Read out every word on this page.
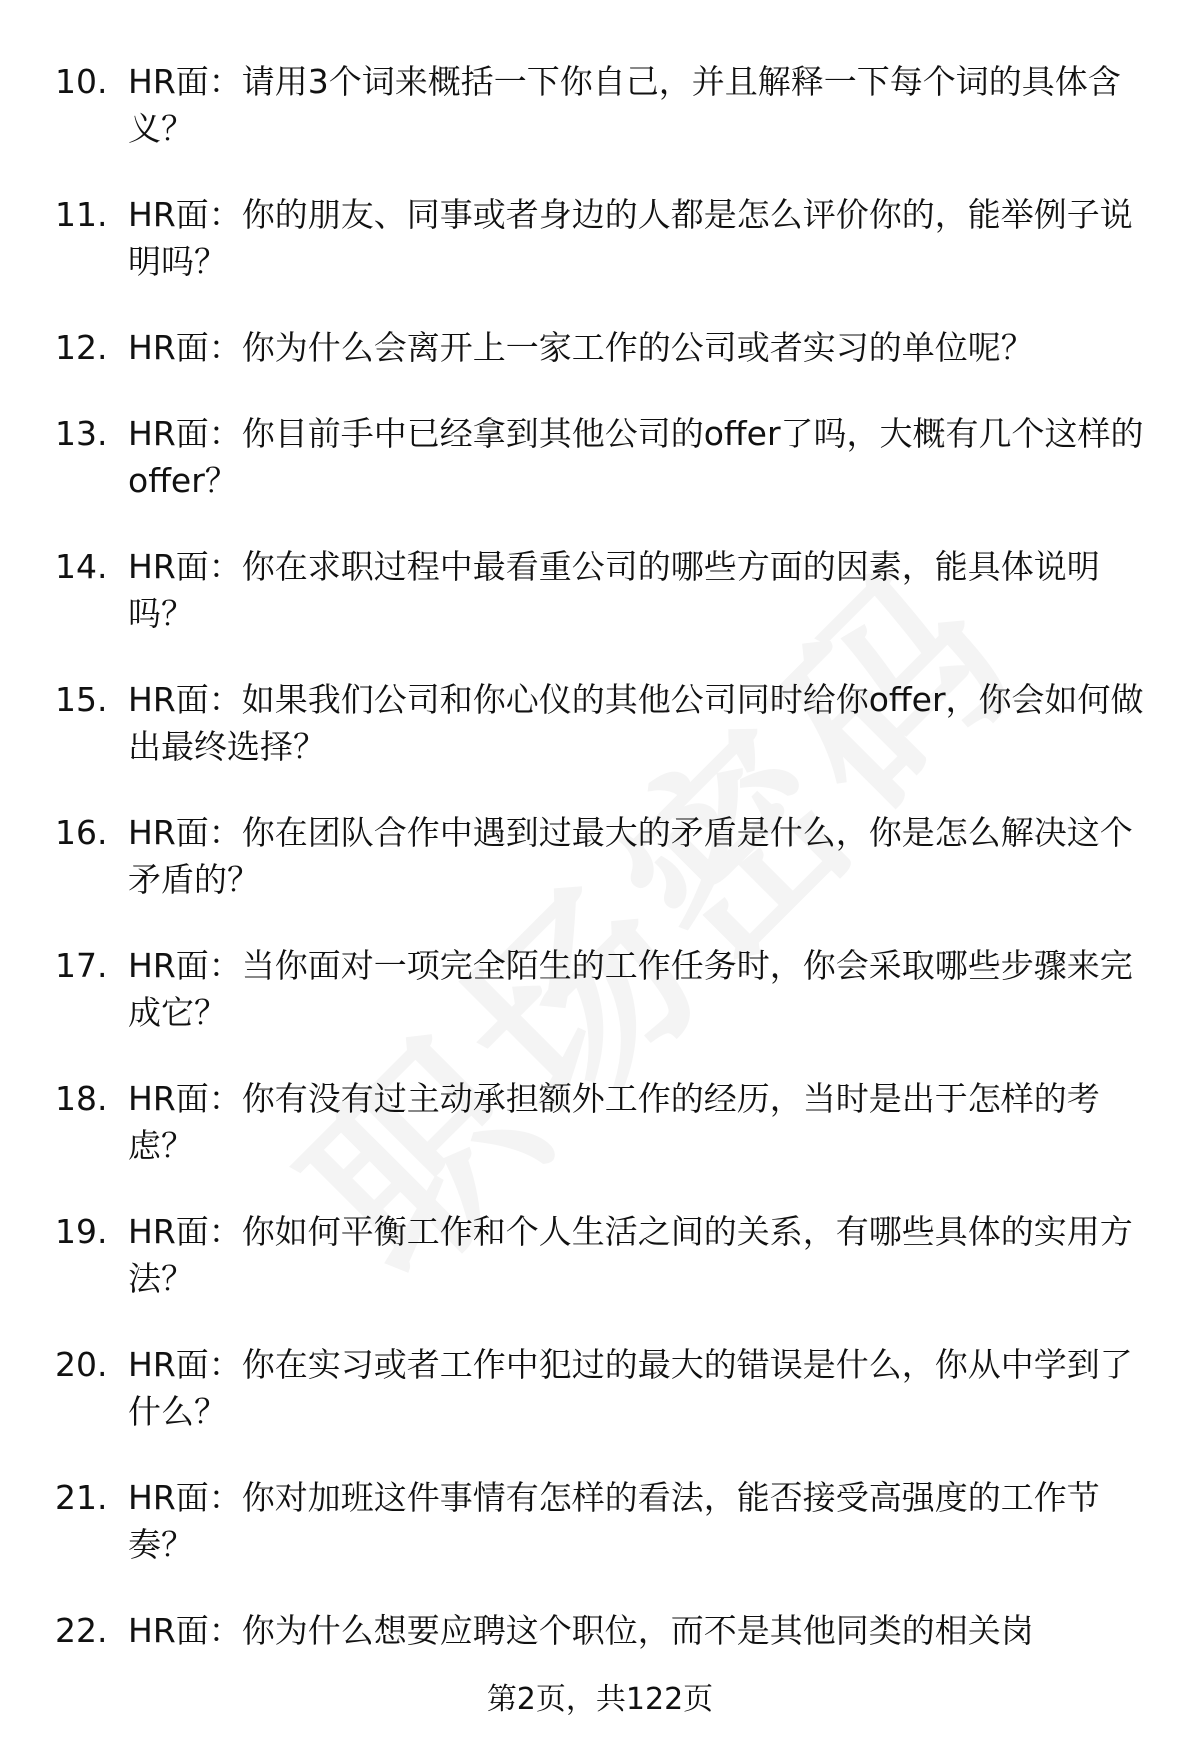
10. HR面：请用3个词来概括一下你自己，并且解释一下每个词的具体含义？
11. HR面：你的朋友、同事或者身边的人都是怎么评价你的，能举例子说明吗？
12. HR面：你为什么会离开上一家工作的公司或者实习的单位呢？
13. HR面：你目前手中已经拿到其他公司的offer了吗，大概有几个这样的offer？
14. HR面：你在求职过程中最看重公司的哪些方面的因素，能具体说明吗？
15. HR面：如果我们公司和你心仪的其他公司同时给你offer，你会如何做出最终选择？
16. HR面：你在团队合作中遇到过最大的矛盾是什么，你是怎么解决这个矛盾的？
17. HR面：当你面对一项完全陌生的工作任务时，你会采取哪些步骤来完成它？
18. HR面：你有没有过主动承担额外工作的经历，当时是出于怎样的考虑？
19. HR面：你如何平衡工作和个人生活之间的关系，有哪些具体的实用方法？
20. HR面：你在实习或者工作中犯过的最大的错误是什么，你从中学到了什么？
21. HR面：你对加班这件事情有怎样的看法，能否接受高强度的工作节奏？
22. HR面：你为什么想要应聘这个职位，而不是其他同类的相关岗
第2页，共122页
